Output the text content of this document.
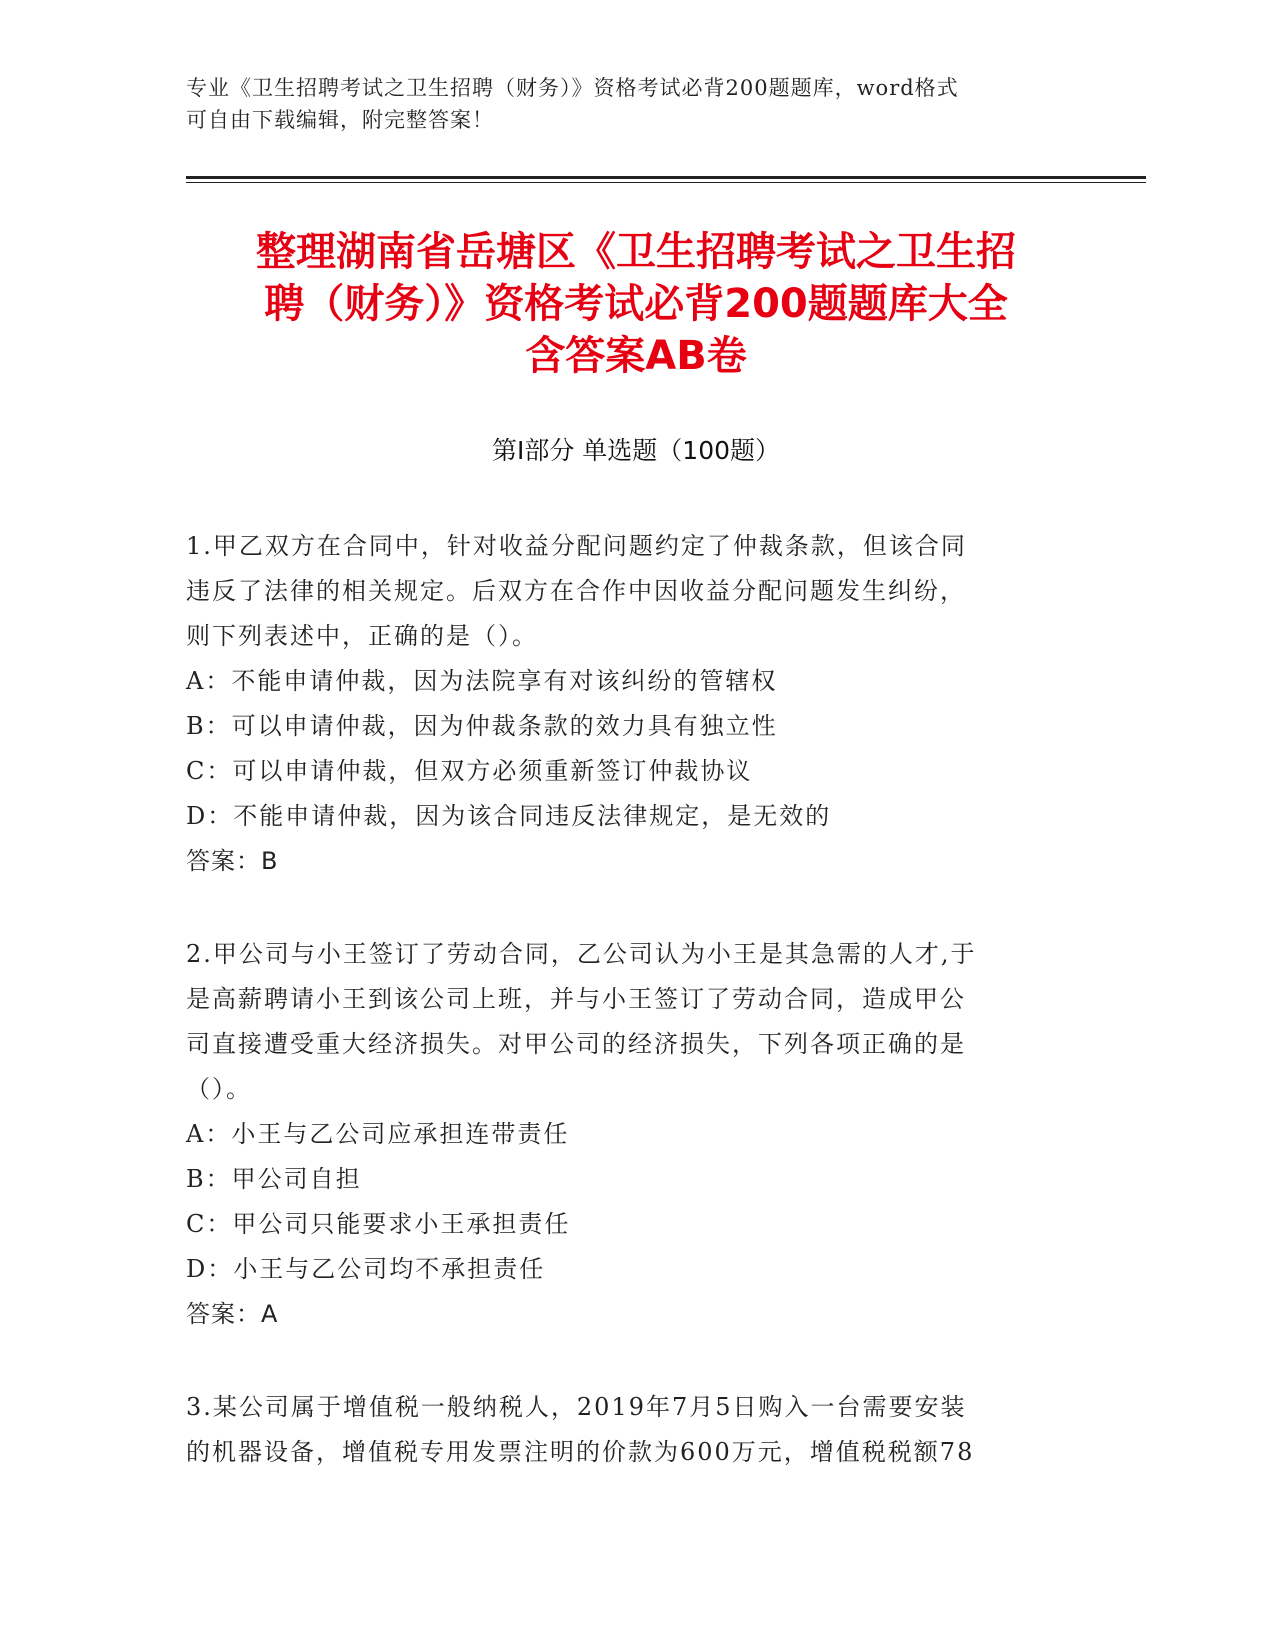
专业《卫生招聘考试之卫生招聘（财务）》资格考试必背200题题库，word格式
可自由下载编辑，附完整答案！
整理湖南省岳塘区《卫生招聘考试之卫生招
聘（财务）》资格考试必背200题题库大全
含答案AB卷
第Ⅰ部分 单选题（100题）

1.甲乙双方在合同中，针对收益分配问题约定了仲裁条款，但该合同

违反了法律的相关规定。后双方在合作中因收益分配问题发生纠纷，

则下列表述中，正确的是（）。

A：不能申请仲裁，因为法院享有对该纠纷的管辖权

B：可以申请仲裁，因为仲裁条款的效力具有独立性

C：可以申请仲裁，但双方必须重新签订仲裁协议

D：不能申请仲裁，因为该合同违反法律规定，是无效的

答案：B

2.甲公司与小王签订了劳动合同，乙公司认为小王是其急需的人才,于

是高薪聘请小王到该公司上班，并与小王签订了劳动合同，造成甲公

司直接遭受重大经济损失。对甲公司的经济损失，下列各项正确的是

（）。

A：小王与乙公司应承担连带责任

B：甲公司自担

C：甲公司只能要求小王承担责任

D：小王与乙公司均不承担责任

答案：A

3.某公司属于增值税一般纳税人，2019年7月5日购入一台需要安装

的机器设备，增值税专用发票注明的价款为600万元，增值税税额78
